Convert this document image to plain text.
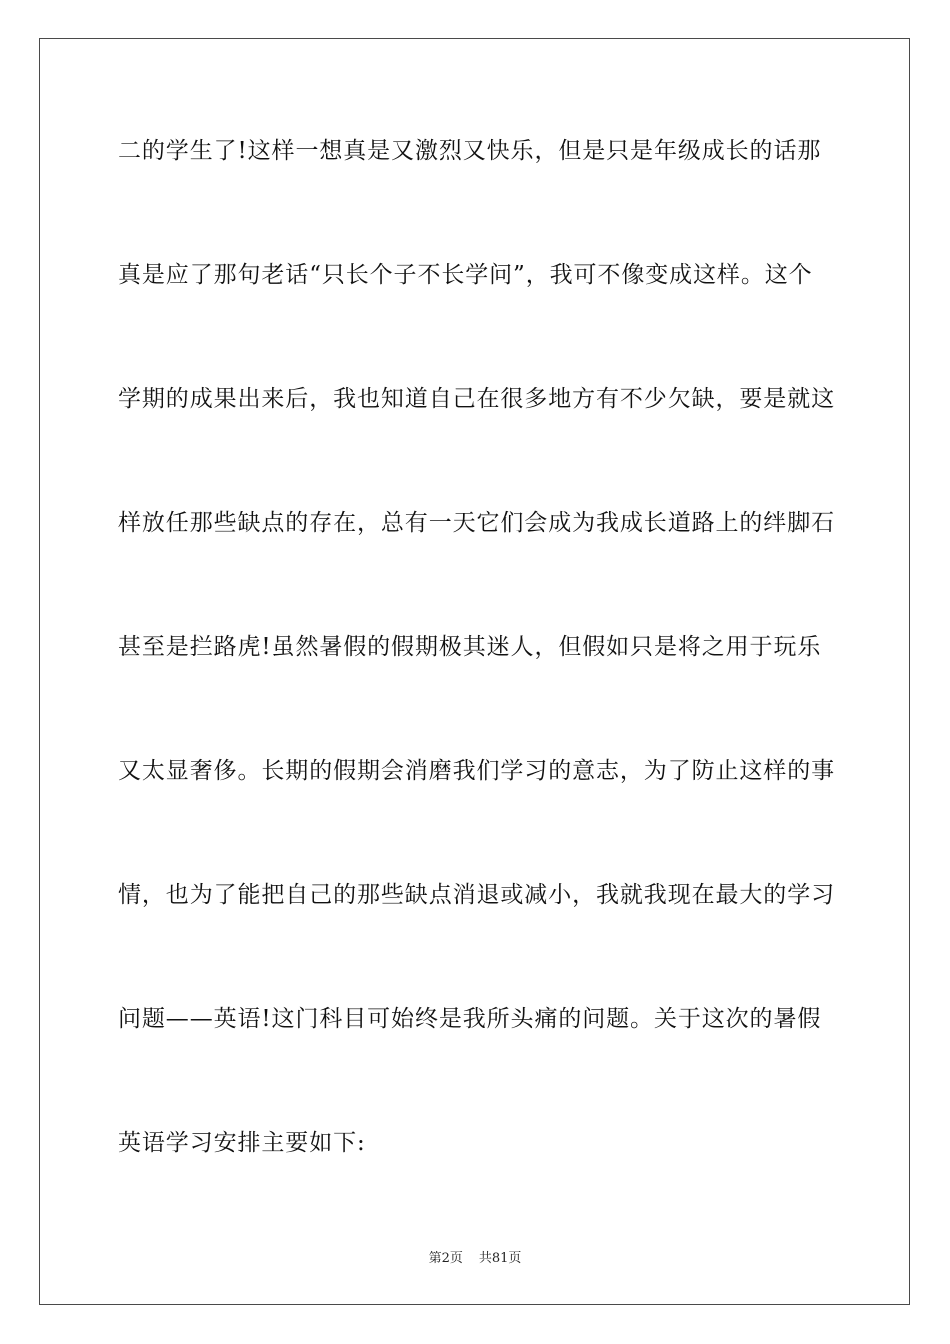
二的学生了!这样一想真是又激烈又快乐，但是只是年级成长的话那
真是应了那句老话“只长个子不长学问”，我可不像变成这样。这个
学期的成果出来后，我也知道自己在很多地方有不少欠缺，要是就这
样放任那些缺点的存在，总有一天它们会成为我成长道路上的绊脚石
甚至是拦路虎!虽然暑假的假期极其迷人，但假如只是将之用于玩乐
又太显奢侈。长期的假期会消磨我们学习的意志，为了防止这样的事
情，也为了能把自己的那些缺点消退或减小，我就我现在最大的学习
问题——英语!这门科目可始终是我所头痛的问题。关于这次的暑假
英语学习安排主要如下:
第2页 共81页
